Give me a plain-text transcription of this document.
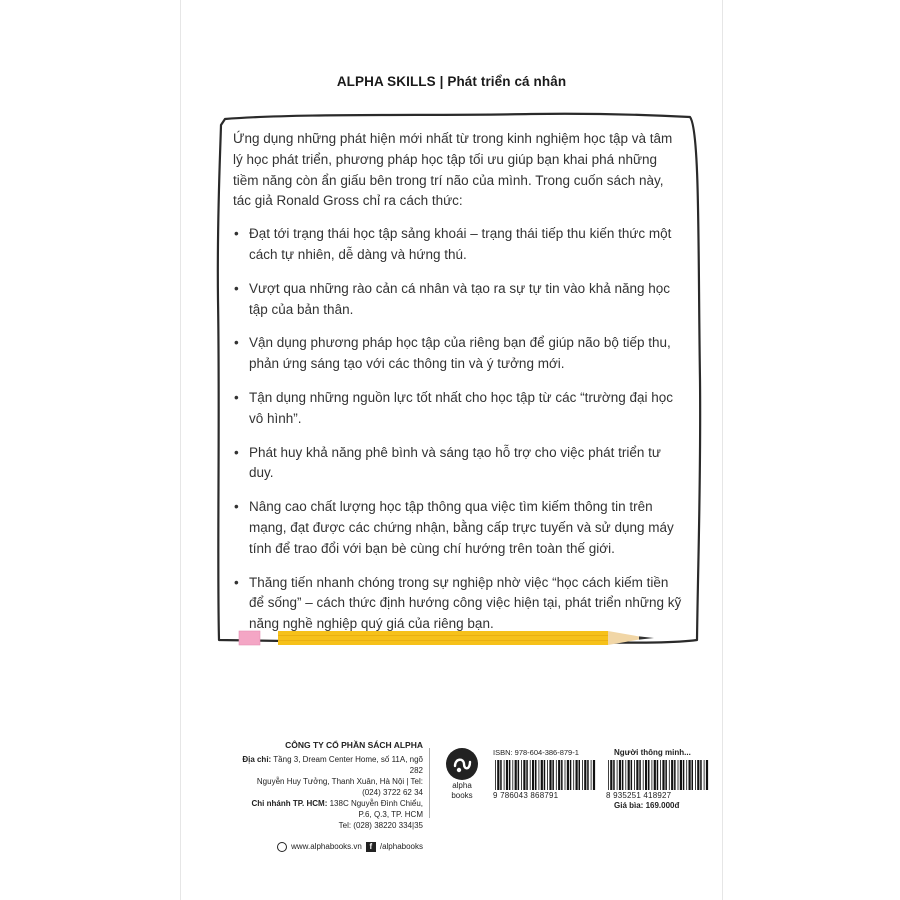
ALPHA SKILLS | Phát triển cá nhân

Ứng dụng những phát hiện mới nhất từ trong kinh nghiệm học tập và tâm lý học phát triển, phương pháp học tập tối ưu giúp bạn khai phá những tiềm năng còn ẩn giấu bên trong trí não của mình. Trong cuốn sách này, tác giả Ronald Gross chỉ ra cách thức:

• Đạt tới trạng thái học tập sảng khoái – trạng thái tiếp thu kiến thức một cách tự nhiên, dễ dàng và hứng thú.
• Vượt qua những rào cản cá nhân và tạo ra sự tự tin vào khả năng học tập của bản thân.
• Vận dụng phương pháp học tập của riêng bạn để giúp não bộ tiếp thu, phản ứng sáng tạo với các thông tin và ý tưởng mới.
• Tận dụng những nguồn lực tốt nhất cho học tập từ các “trường đại học vô hình”.
• Phát huy khả năng phê bình và sáng tạo hỗ trợ cho việc phát triển tư duy.
• Nâng cao chất lượng học tập thông qua việc tìm kiếm thông tin trên mạng, đạt được các chứng nhận, bằng cấp trực tuyến và sử dụng máy tính để trao đổi với bạn bè cùng chí hướng trên toàn thế giới.
• Thăng tiến nhanh chóng trong sự nghiệp nhờ việc “học cách kiếm tiền để sống” – cách thức định hướng công việc hiện tại, phát triển những kỹ năng nghề nghiệp quý giá của riêng bạn.
CÔNG TY CỔ PHẦN SÁCH ALPHA
Địa chỉ: Tầng 3, Dream Center Home, số 11A, ngõ 282
Nguyễn Huy Tưởng, Thanh Xuân, Hà Nội | Tel: (024) 3722 62 34
Chi nhánh TP. HCM: 138C Nguyễn Đình Chiểu, P.6, Q.3, TP. HCM
Tel: (028) 38220 334|35
www.alphabooks.vn f /alphabooks
alpha
books
ISBN: 978-604-386-879-1
9 786043 868791
Người thông minh...
8 935251 418927
Giá bìa: 169.000đ
